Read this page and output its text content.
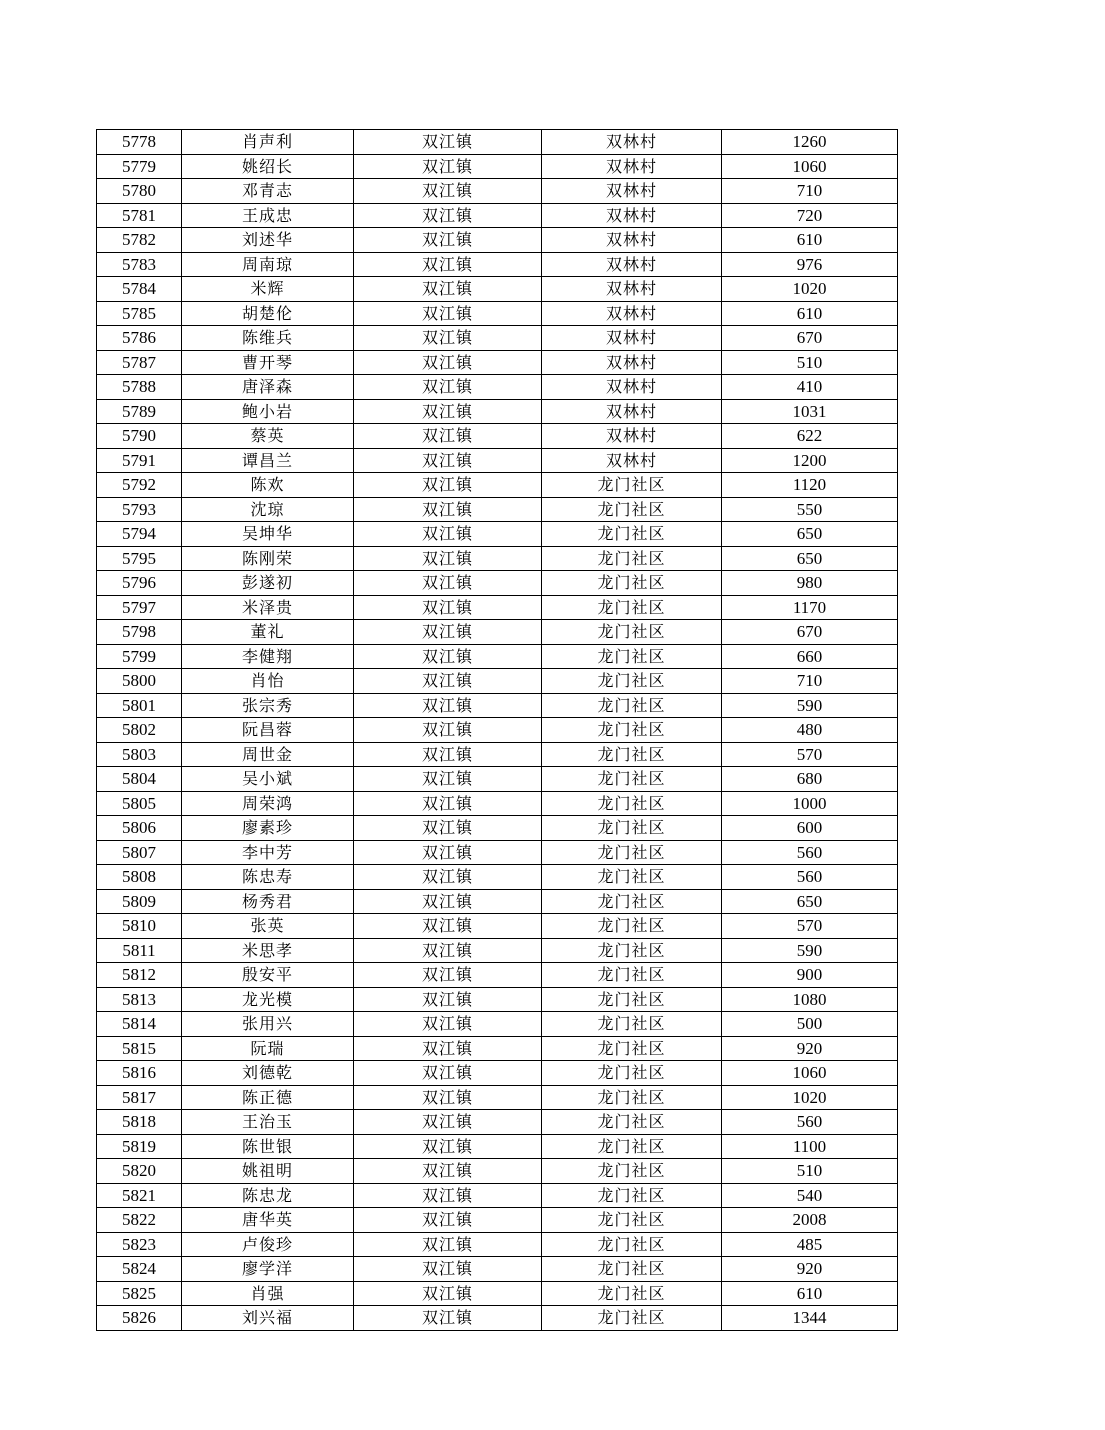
5778	肖声利	双江镇	双林村	1260
5779	姚绍长	双江镇	双林村	1060
5780	邓青志	双江镇	双林村	710
5781	王成忠	双江镇	双林村	720
5782	刘述华	双江镇	双林村	610
5783	周南琼	双江镇	双林村	976
5784	米辉	双江镇	双林村	1020
5785	胡楚伦	双江镇	双林村	610
5786	陈维兵	双江镇	双林村	670
5787	曹开琴	双江镇	双林村	510
5788	唐泽森	双江镇	双林村	410
5789	鲍小岩	双江镇	双林村	1031
5790	蔡英	双江镇	双林村	622
5791	谭昌兰	双江镇	双林村	1200
5792	陈欢	双江镇	龙门社区	1120
5793	沈琼	双江镇	龙门社区	550
5794	吴坤华	双江镇	龙门社区	650
5795	陈刚荣	双江镇	龙门社区	650
5796	彭遂初	双江镇	龙门社区	980
5797	米泽贵	双江镇	龙门社区	1170
5798	董礼	双江镇	龙门社区	670
5799	李健翔	双江镇	龙门社区	660
5800	肖怡	双江镇	龙门社区	710
5801	张宗秀	双江镇	龙门社区	590
5802	阮昌蓉	双江镇	龙门社区	480
5803	周世金	双江镇	龙门社区	570
5804	吴小斌	双江镇	龙门社区	680
5805	周荣鸿	双江镇	龙门社区	1000
5806	廖素珍	双江镇	龙门社区	600
5807	李中芳	双江镇	龙门社区	560
5808	陈忠寿	双江镇	龙门社区	560
5809	杨秀君	双江镇	龙门社区	650
5810	张英	双江镇	龙门社区	570
5811	米思孝	双江镇	龙门社区	590
5812	殷安平	双江镇	龙门社区	900
5813	龙光模	双江镇	龙门社区	1080
5814	张用兴	双江镇	龙门社区	500
5815	阮瑞	双江镇	龙门社区	920
5816	刘德乾	双江镇	龙门社区	1060
5817	陈正德	双江镇	龙门社区	1020
5818	王治玉	双江镇	龙门社区	560
5819	陈世银	双江镇	龙门社区	1100
5820	姚祖明	双江镇	龙门社区	510
5821	陈忠龙	双江镇	龙门社区	540
5822	唐华英	双江镇	龙门社区	2008
5823	卢俊珍	双江镇	龙门社区	485
5824	廖学洋	双江镇	龙门社区	920
5825	肖强	双江镇	龙门社区	610
5826	刘兴福	双江镇	龙门社区	1344
